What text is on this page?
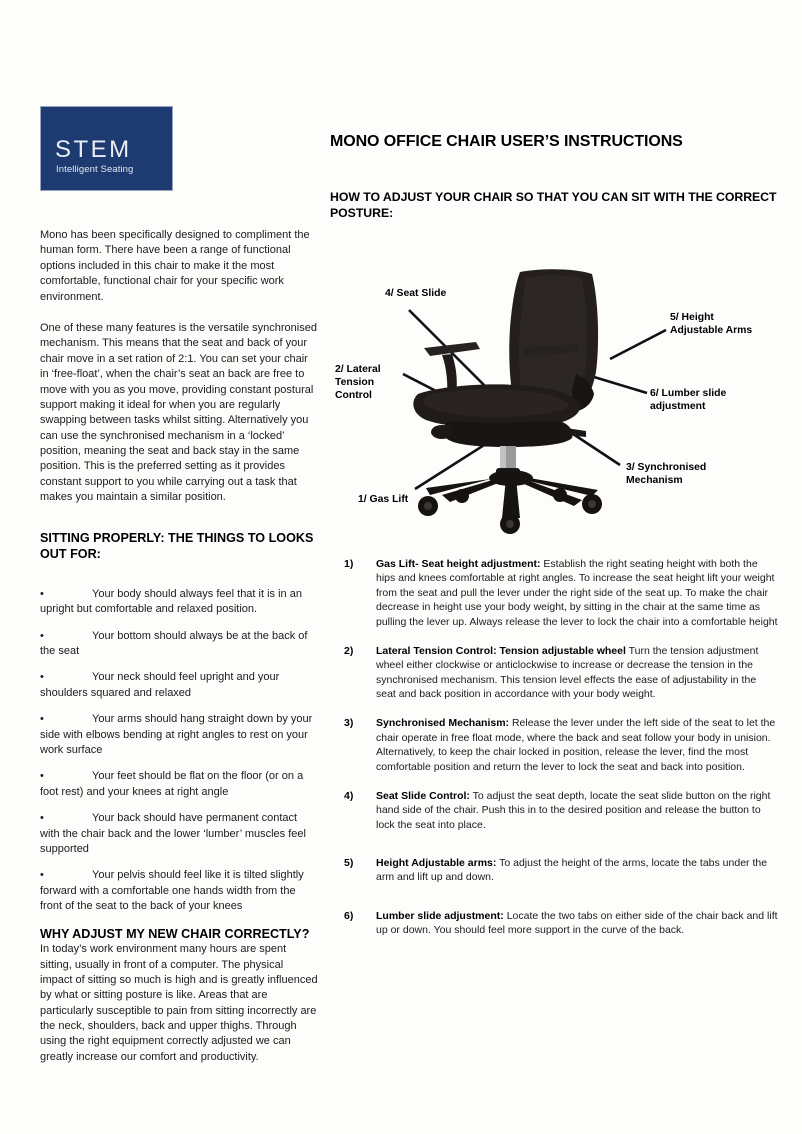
STEM
Intelligent Seating
MONO OFFICE CHAIR USER’S INSTRUCTIONS
HOW TO ADJUST YOUR CHAIR SO THAT YOU CAN SIT WITH THE CORRECT POSTURE:
4/ Seat Slide
5/ Height Adjustable Arms
2/ Lateral Tension Control	6/ Lumber slide adjustment
3/ Synchronised Mechanism
1/ Gas Lift

Mono has been specifically designed to compliment the human form. There have been a range of functional options included in this chair to make it the most comfortable, functional chair for your specific work environment.

One of these many features is the versatile synchronised mechanism. This means that the seat and back of your chair move in a set ration of 2:1. You can set your chair in ‘free-float’, when the chair’s seat an back are free to move with you as you move, providing constant postural support making it ideal for when you are regularly swapping between tasks whilst sitting. Alternatively you can use the synchronised mechanism in a ‘locked’ position, meaning the seat and back stay in the same position. This is the preferred setting as it provides constant support to you while carrying out a task that makes you maintain a similar position.

SITTING PROPERLY: THE THINGS TO LOOKS OUT FOR:
•	Your body should always feel that it is in an upright but comfortable and relaxed position.
•	Your bottom should always be at the back of the seat
•	Your neck should feel upright and your shoulders squared and relaxed
•	Your arms should hang straight down by your side with elbows bending at right angles to rest on your work surface
•	Your feet should be flat on the floor (or on a foot rest) and your knees at right angle
•	Your back should have permanent contact with the chair back and the lower ‘lumber’ muscles feel supported
•	Your pelvis should feel like it is tilted slightly forward with a comfortable one hands width from the front of the seat to the back of your knees
WHY ADJUST MY NEW CHAIR CORRECTLY?

In today’s work environment many hours are spent sitting, usually in front of a computer. The physical impact of sitting so much is high and is greatly influenced by what or sitting posture is like. Areas that are particularly susceptible to pain from sitting incorrectly are the neck, shoulders, back and upper thighs. Through using the right equipment correctly adjusted we can greatly increase our comfort and productivity.

1)	Gas Lift- Seat height adjustment: Establish the right seating height with both the hips and knees comfortable at right angles. To increase the seat height lift your weight from the seat and pull the lever under the right side of the seat up. To make the chair decrease in height use your body weight, by sitting in the chair at the same time as pulling the lever up. Always release the lever to lock the chair into a comfortable height
2)	Lateral Tension Control: Tension adjustable wheel Turn the tension adjustment wheel either clockwise or anticlockwise to increase or decrease the tension in the synchronised mechanism. This tension level effects the ease of adjustability in the seat and back position in accordance with your body weight.
3)	Synchronised Mechanism: Release the lever under the left side of the seat to let the chair operate in free float mode, where the back and seat follow your body in unision. Alternatively, to keep the chair locked in position, release the lever, find the most comfortable position and return the lever to lock the seat and back into position.
4)	Seat Slide Control: To adjust the seat depth, locate the seat slide button on the right hand side of the chair. Push this in to the desired position and release the button to lock the seat into place.
5)	Height Adjustable arms: To adjust the height of the arms, locate the tabs under the arm and lift up and down.
6)	Lumber slide adjustment: Locate the two tabs on either side of the chair back and lift up or down. You should feel more support in the curve of the back.
